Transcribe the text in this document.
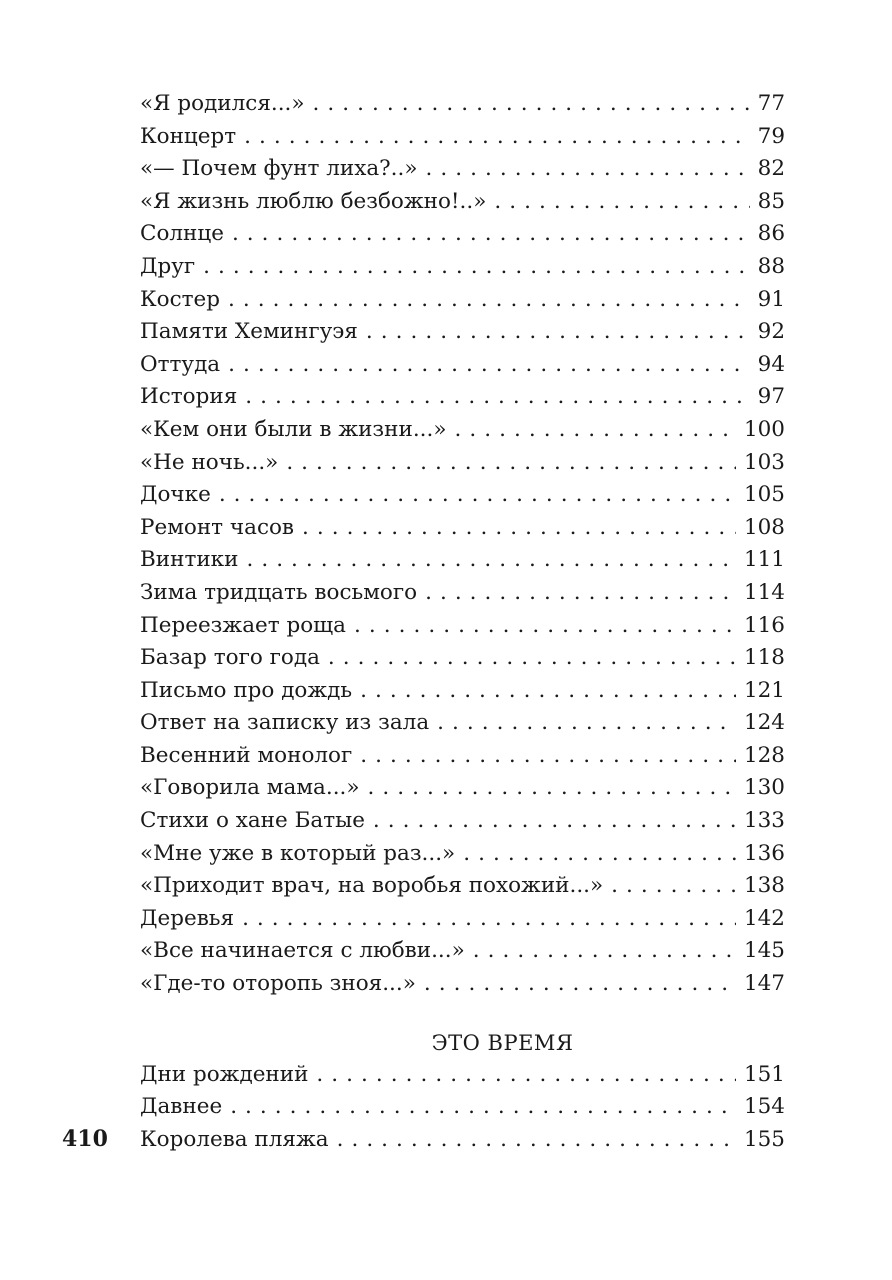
«Я родился...» . . .	77
Концерт . . .	79
«— Почем фунт лиха?..» . . .	82
«Я жизнь люблю безбожно!..» . . .	85
Солнце . . .	86
Друг . . .	88
Костер . . .	91
Памяти Хемингуэя . . .	92
Оттуда . . .	94
История . . .	97
«Кем они были в жизни...» . . .	100
«Не ночь...» . . .	103
Дочке . . .	105
Ремонт часов . . .	108
Винтики . . .	111
Зима тридцать восьмого . . .	114
Переезжает роща . . .	116
Базар того года . . .	118
Письмо про дождь . . .	121
Ответ на записку из зала . . .	124
Весенний монолог . . .	128
«Говорила мама...» . . .	130
Стихи о хане Батые . . .	133
«Мне уже в который раз...» . . .	136
«Приходит врач, на воробья похожий...» . . .	138
Деревья . . .	142
«Все начинается с любви...» . . .	145
«Где-то оторопь зноя...» . . .	147
ЭТО ВРЕМЯ
Дни рождений . . .	151
Давнее . . .	154
Королева пляжа . . .	155
410
